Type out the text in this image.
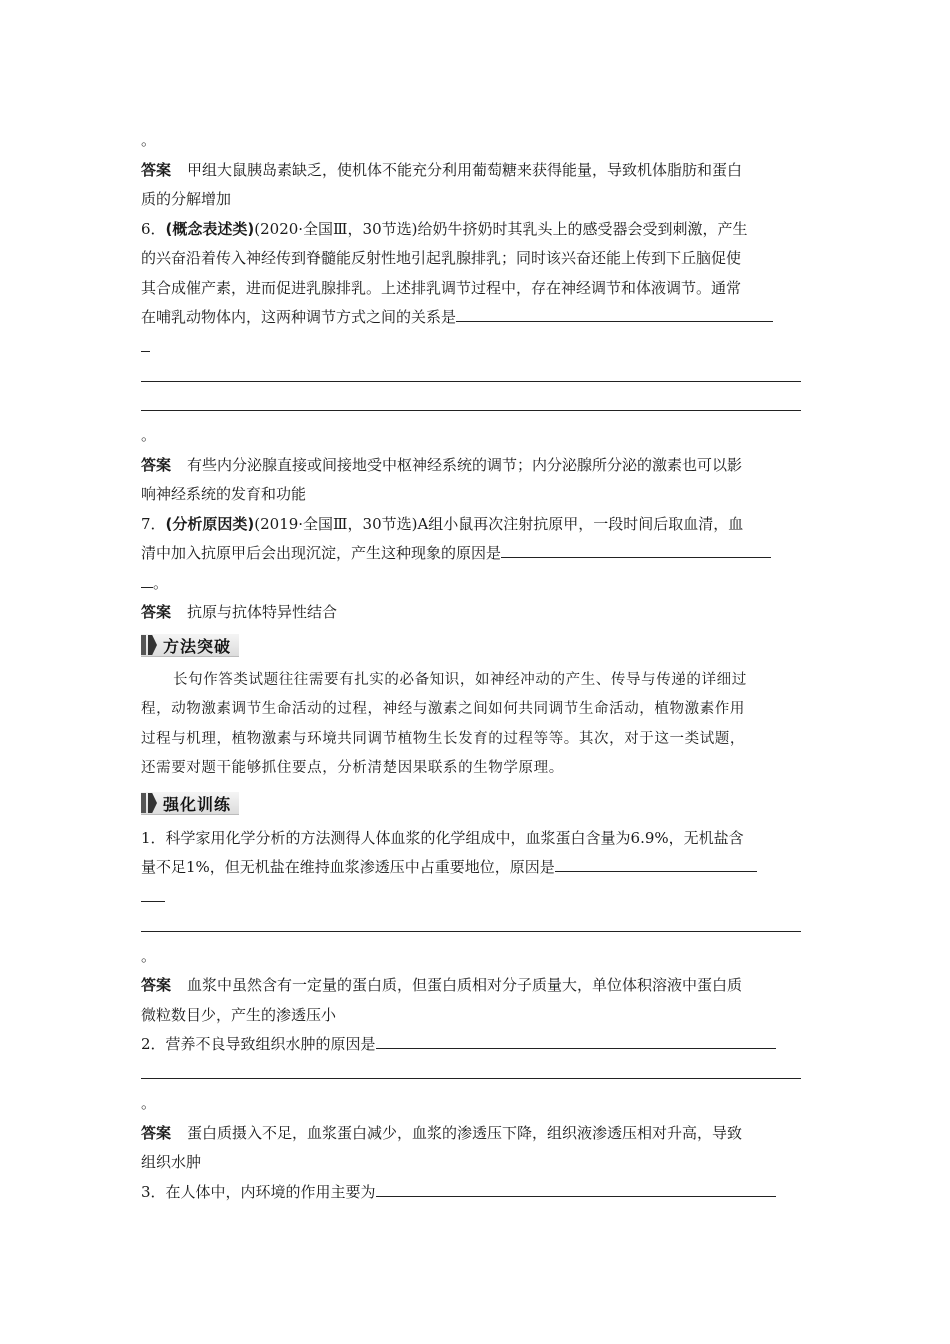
。
答案 甲组大鼠胰岛素缺乏，使机体不能充分利用葡萄糖来获得能量，导致机体脂肪和蛋白
质的分解增加
6．(概念表述类)(2020·全国Ⅲ，30节选)给奶牛挤奶时其乳头上的感受器会受到刺激，产生
的兴奋沿着传入神经传到脊髓能反射性地引起乳腺排乳；同时该兴奋还能上传到下丘脑促使
其合成催产素，进而促进乳腺排乳。上述排乳调节过程中，存在神经调节和体液调节。通常
在哺乳动物体内，这两种调节方式之间的关系是
。
答案 有些内分泌腺直接或间接地受中枢神经系统的调节；内分泌腺所分泌的激素也可以影
响神经系统的发育和功能
7．(分析原因类)(2019·全国Ⅲ，30节选)A组小鼠再次注射抗原甲，一段时间后取血清，血
清中加入抗原甲后会出现沉淀，产生这种现象的原因是
。
答案 抗原与抗体特异性结合
方法突破
长句作答类试题往往需要有扎实的必备知识，如神经冲动的产生、传导与传递的详细过
程，动物激素调节生命活动的过程，神经与激素之间如何共同调节生命活动，植物激素作用
过程与机理，植物激素与环境共同调节植物生长发育的过程等等。其次，对于这一类试题，
还需要对题干能够抓住要点，分析清楚因果联系的生物学原理。
强化训练
1．科学家用化学分析的方法测得人体血浆的化学组成中，血浆蛋白含量为6.9%，无机盐含
量不足1%，但无机盐在维持血浆渗透压中占重要地位，原因是
。
答案 血浆中虽然含有一定量的蛋白质，但蛋白质相对分子质量大，单位体积溶液中蛋白质
微粒数目少，产生的渗透压小
2．营养不良导致组织水肿的原因是
。
答案 蛋白质摄入不足，血浆蛋白减少，血浆的渗透压下降，组织液渗透压相对升高，导致
组织水肿
3．在人体中，内环境的作用主要为
